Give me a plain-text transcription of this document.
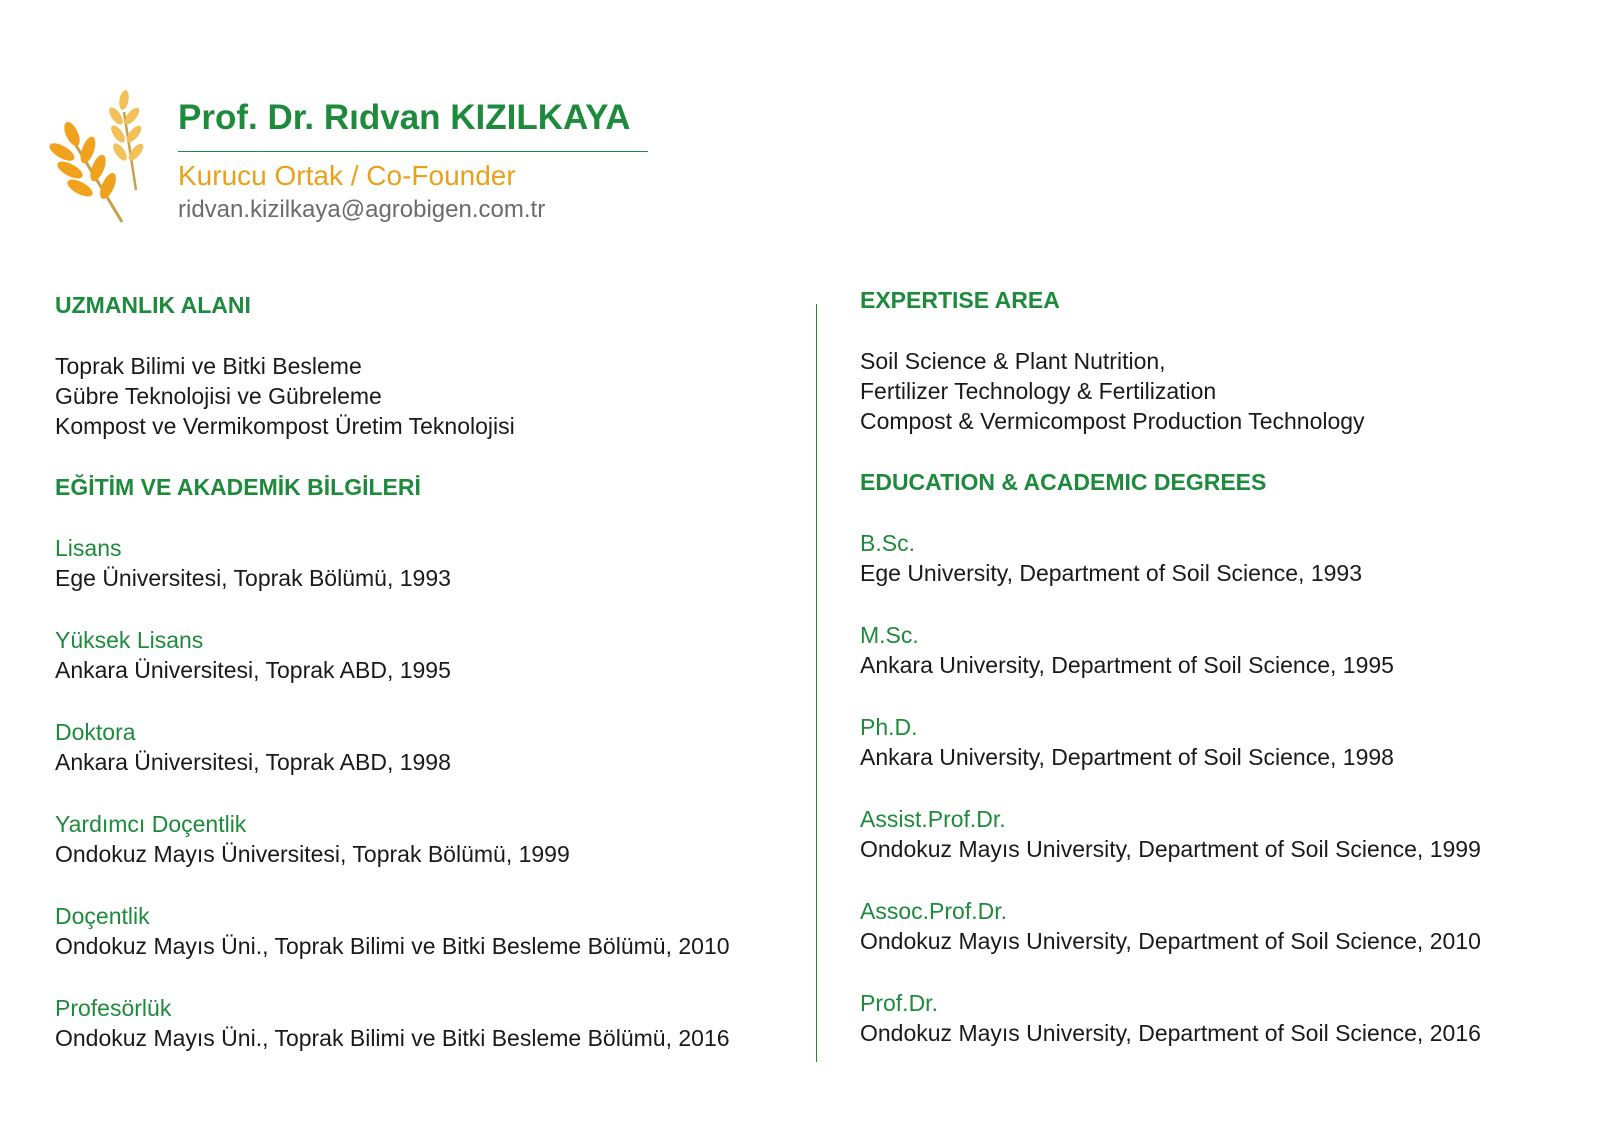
Prof. Dr. Rıdvan KIZILKAYA
Kurucu Ortak / Co-Founder
ridvan.kizilkaya@agrobigen.com.tr
UZMANLIK ALANI
Toprak Bilimi ve Bitki Besleme
Gübre Teknolojisi ve Gübreleme
Kompost ve Vermikompost Üretim Teknolojisi
EĞİTİM VE AKADEMİK BİLGİLERİ
Lisans
Ege Üniversitesi, Toprak Bölümü, 1993
Yüksek Lisans
Ankara Üniversitesi, Toprak ABD, 1995
Doktora
Ankara Üniversitesi, Toprak ABD, 1998
Yardımcı Doçentlik
Ondokuz Mayıs Üniversitesi, Toprak Bölümü, 1999
Doçentlik
Ondokuz Mayıs Üni., Toprak Bilimi ve Bitki Besleme Bölümü, 2010
Profesörlük
Ondokuz Mayıs Üni., Toprak Bilimi ve Bitki Besleme Bölümü, 2016
EXPERTISE AREA
Soil Science & Plant Nutrition,
Fertilizer Technology & Fertilization
Compost & Vermicompost Production Technology
EDUCATION & ACADEMIC DEGREES
B.Sc.
Ege University, Department of Soil Science, 1993
M.Sc.
Ankara University, Department of Soil Science, 1995
Ph.D.
Ankara University, Department of Soil Science, 1998
Assist.Prof.Dr.
Ondokuz Mayıs University, Department of Soil Science, 1999
Assoc.Prof.Dr.
Ondokuz Mayıs University, Department of Soil Science, 2010
Prof.Dr.
Ondokuz Mayıs University, Department of Soil Science, 2016
